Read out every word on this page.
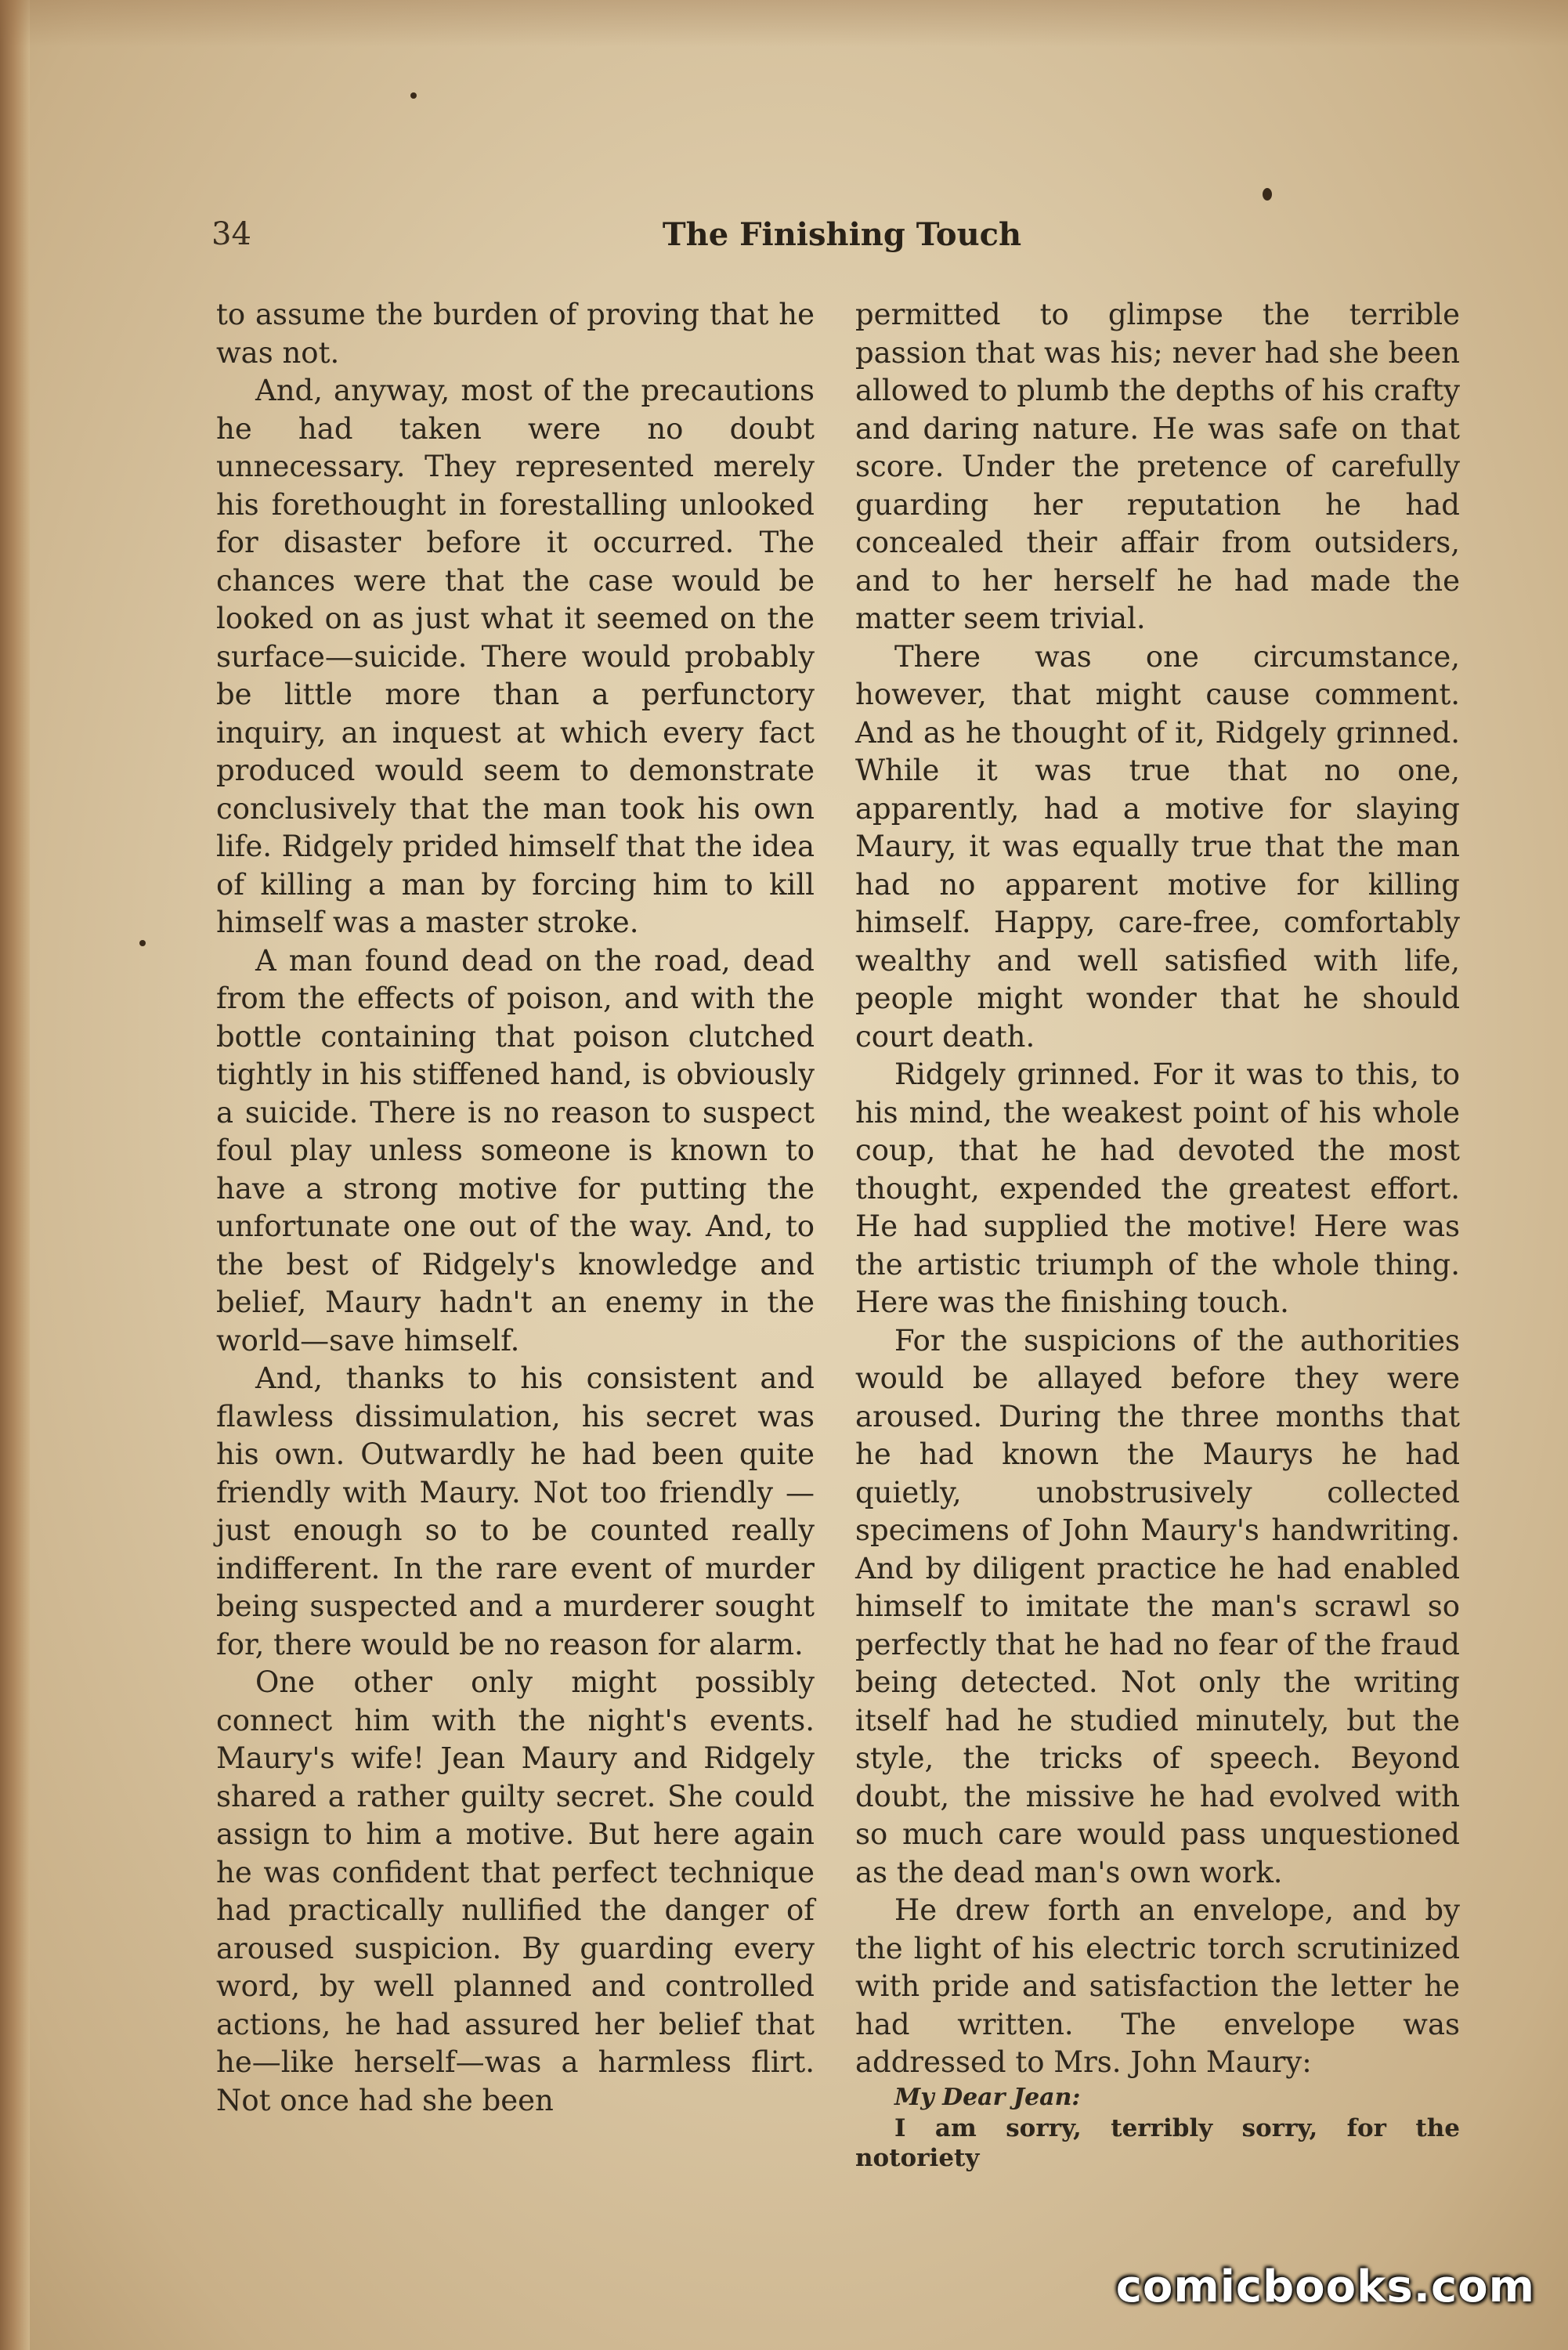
34	The Finishing Touch

to assume the burden of proving that he was not.

And, anyway, most of the precautions he had taken were no doubt unnecessary. They represented merely his forethought in forestalling unlooked for disaster before it occurred. The chances were that the case would be looked on as just what it seemed on the surface—suicide. There would probably be little more than a perfunctory inquiry, an inquest at which every fact produced would seem to demonstrate conclusively that the man took his own life. Ridgely prided himself that the idea of killing a man by forcing him to kill himself was a master stroke.

A man found dead on the road, dead from the effects of poison, and with the bottle containing that poison clutched tightly in his stiffened hand, is obviously a suicide. There is no reason to suspect foul play unless someone is known to have a strong motive for putting the unfortunate one out of the way. And, to the best of Ridgely's knowledge and belief, Maury hadn't an enemy in the world—save himself.

And, thanks to his consistent and flawless dissimulation, his secret was his own. Outwardly he had been quite friendly with Maury. Not too friendly —just enough so to be counted really indifferent. In the rare event of murder being suspected and a murderer sought for, there would be no reason for alarm.

One other only might possibly connect him with the night's events. Maury's wife! Jean Maury and Ridgely shared a rather guilty secret. She could assign to him a motive. But here again he was confident that perfect technique had practically nullified the danger of aroused suspicion. By guarding every word, by well planned and controlled actions, he had assured her belief that he—like herself—was a harmless flirt. Not once had she been

permitted to glimpse the terrible passion that was his; never had she been allowed to plumb the depths of his crafty and daring nature. He was safe on that score. Under the pretence of carefully guarding her reputation he had concealed their affair from outsiders, and to her herself he had made the matter seem trivial.

There was one circumstance, however, that might cause comment. And as he thought of it, Ridgely grinned. While it was true that no one, apparently, had a motive for slaying Maury, it was equally true that the man had no apparent motive for killing himself. Happy, care-free, comfortably wealthy and well satisfied with life, people might wonder that he should court death.

Ridgely grinned. For it was to this, to his mind, the weakest point of his whole coup, that he had devoted the most thought, expended the greatest effort. He had supplied the motive! Here was the artistic triumph of the whole thing. Here was the finishing touch.

For the suspicions of the authorities would be allayed before they were aroused. During the three months that he had known the Maurys he had quietly, unobstrusively collected specimens of John Maury's handwriting. And by diligent practice he had enabled himself to imitate the man's scrawl so perfectly that he had no fear of the fraud being detected. Not only the writing itself had he studied minutely, but the style, the tricks of speech. Beyond doubt, the missive he had evolved with so much care would pass unquestioned as the dead man's own work.

He drew forth an envelope, and by the light of his electric torch scrutinized with pride and satisfaction the letter he had written. The envelope was addressed to Mrs. John Maury:

My Dear Jean:

I am sorry, terribly sorry, for the notoriety

comicbooks.com
